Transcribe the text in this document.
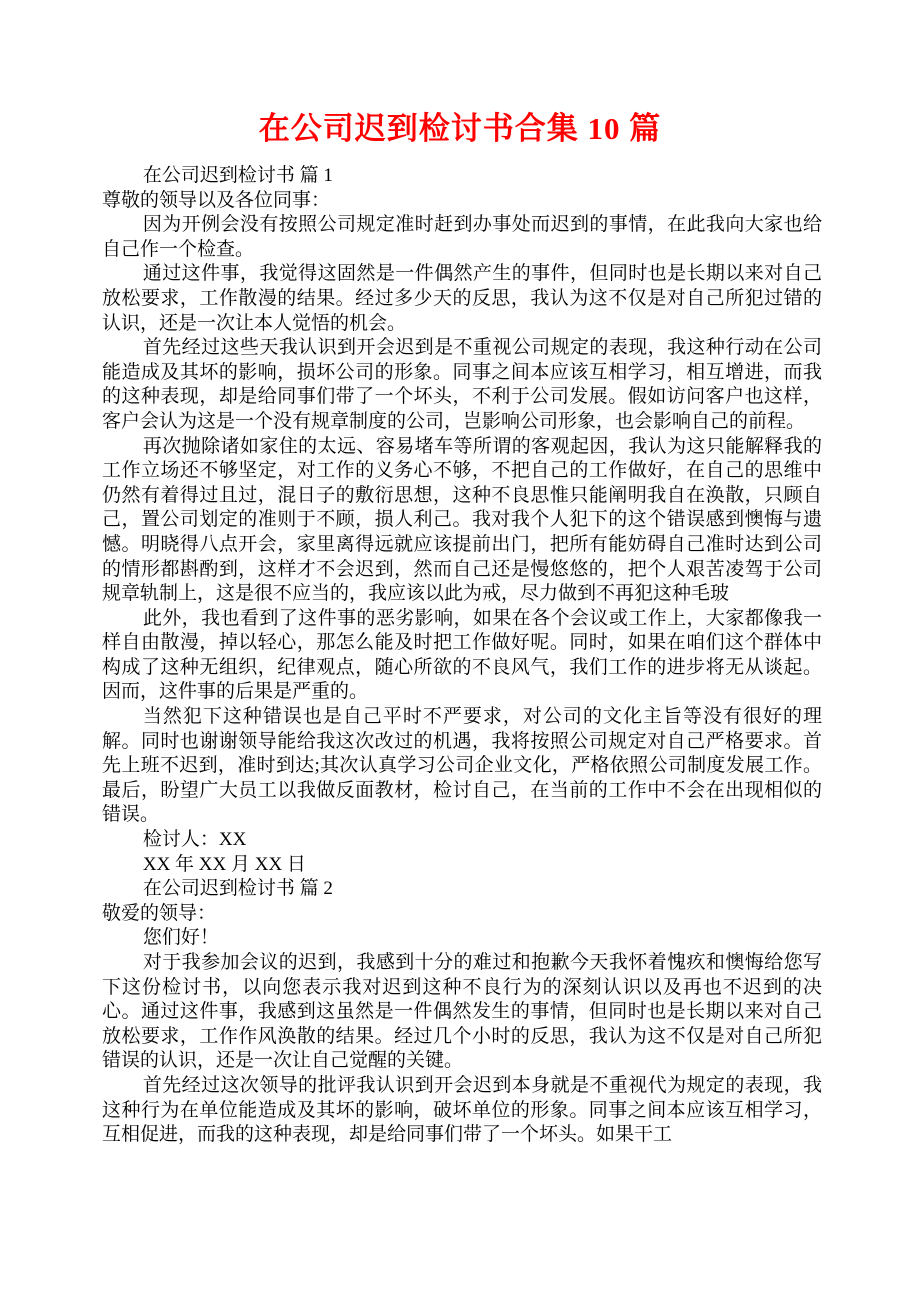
在公司迟到检讨书合集 10 篇

在公司迟到检讨书 篇 1

尊敬的领导以及各位同事：

因为开例会没有按照公司规定准时赶到办事处而迟到的事情，在此我向大家也给自己作一个检查。

通过这件事，我觉得这固然是一件偶然产生的事件，但同时也是长期以来对自己放松要求，工作散漫的结果。经过多少天的反思，我认为这不仅是对自己所犯过错的认识，还是一次让本人觉悟的机会。

首先经过这些天我认识到开会迟到是不重视公司规定的表现，我这种行动在公司能造成及其坏的影响，损坏公司的形象。同事之间本应该互相学习，相互增进，而我的这种表现，却是给同事们带了一个坏头，不利于公司发展。假如访问客户也这样，客户会认为这是一个没有规章制度的公司，岂影响公司形象，也会影响自己的前程。

再次抛除诸如家住的太远、容易堵车等所谓的客观起因，我认为这只能解释我的工作立场还不够坚定，对工作的义务心不够，不把自己的工作做好，在自己的思维中仍然有着得过且过，混日子的敷衍思想，这种不良思惟只能阐明我自在涣散，只顾自己，置公司划定的准则于不顾，损人利己。我对我个人犯下的这个错误感到懊悔与遗憾。明晓得八点开会，家里离得远就应该提前出门，把所有能妨碍自己准时达到公司的情形都斟酌到，这样才不会迟到，然而自己还是慢悠悠的，把个人艰苦凌驾于公司规章轨制上，这是很不应当的，我应该以此为戒，尽力做到不再犯这种毛玻

此外，我也看到了这件事的恶劣影响，如果在各个会议或工作上，大家都像我一样自由散漫，掉以轻心，那怎么能及时把工作做好呢。同时，如果在咱们这个群体中构成了这种无组织，纪律观点，随心所欲的不良风气，我们工作的进步将无从谈起。因而，这件事的后果是严重的。

当然犯下这种错误也是自己平时不严要求，对公司的文化主旨等没有很好的理解。同时也谢谢领导能给我这次改过的机遇，我将按照公司规定对自己严格要求。首先上班不迟到，准时到达;其次认真学习公司企业文化，严格依照公司制度发展工作。最后，盼望广大员工以我做反面教材，检讨自己，在当前的工作中不会在出现相似的错误。

检讨人：XX

XX 年 XX 月 XX 日

在公司迟到检讨书 篇 2

敬爱的领导：

您们好！

对于我参加会议的迟到，我感到十分的难过和抱歉今天我怀着愧疚和懊悔给您写下这份检讨书，以向您表示我对迟到这种不良行为的深刻认识以及再也不迟到的决心。通过这件事，我感到这虽然是一件偶然发生的事情，但同时也是长期以来对自己放松要求，工作作风涣散的结果。经过几个小时的反思，我认为这不仅是对自己所犯错误的认识，还是一次让自己觉醒的关键。

首先经过这次领导的批评我认识到开会迟到本身就是不重视代为规定的表现，我这种行为在单位能造成及其坏的影响，破坏单位的形象。同事之间本应该互相学习，互相促进，而我的这种表现，却是给同事们带了一个坏头。如果干工
